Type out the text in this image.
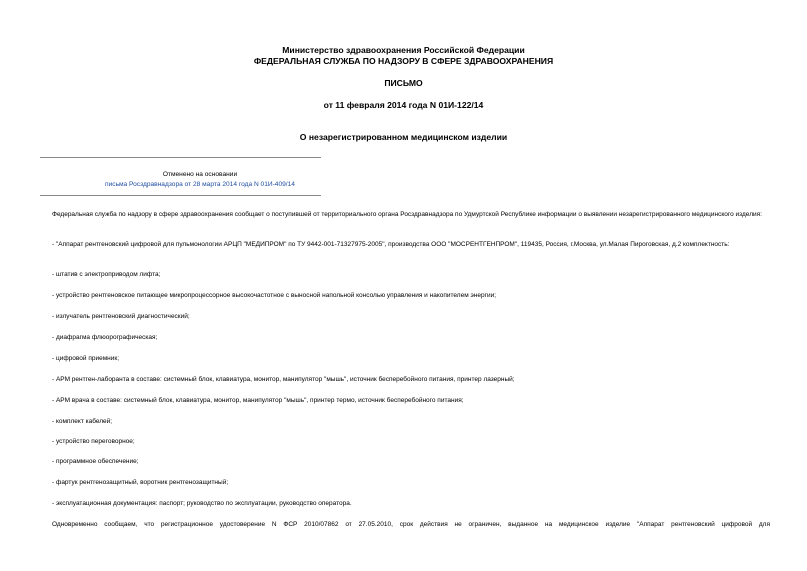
Министерство здравоохранения Российской Федерации
ФЕДЕРАЛЬНАЯ СЛУЖБА ПО НАДЗОРУ В СФЕРЕ ЗДРАВООХРАНЕНИЯ
ПИСЬМО
от 11 февраля 2014 года N 01И-122/14
О незарегистрированном медицинском изделии
Отменено на основании
письма Росздравнадзора от 28 марта 2014 года N 01И-409/14
Федеральная служба по надзору в сфере здравоохранения сообщает о поступившей от территориального органа Росздравнадзора по Удмуртской Республике информации о выявлении незарегистрированного медицинского изделия:
- "Аппарат рентгеновский цифровой для пульмонологии АРЦП "МЕДИПРОМ" по ТУ 9442-001-71327975-2005", производства ООО "МОСРЕНТГЕНПРОМ", 119435, Россия, г.Москва, ул.Малая Пироговская, д.2 комплектность:
- штатив с электроприводом лифта;
- устройство рентгеновское питающее микропроцессорное высокочастотное с выносной напольной консолью управления и накопителем энергии;
- излучатель рентгеновский диагностический;
- диафрагма флюорографическая;
- цифровой приемник;
- АРМ рентген-лаборанта в составе: системный блок, клавиатура, монитор, манипулятор "мышь", источник бесперебойного питания, принтер лазерный;
- АРМ врача в составе: системный блок, клавиатура, монитор, манипулятор "мышь", принтер термо, источник бесперебойного питания;
- комплект кабелей;
- устройство переговорное;
- программное обеспечение;
- фартук рентгенозащитный, воротник рентгенозащитный;
- эксплуатационная документация: паспорт; руководство по эксплуатации, руководство оператора.
Одновременно сообщаем, что регистрационное удостоверение N ФСР 2010/07862 от 27.05.2010, срок действия не ограничен, выданное на медицинское изделие "Аппарат рентгеновский цифровой для
